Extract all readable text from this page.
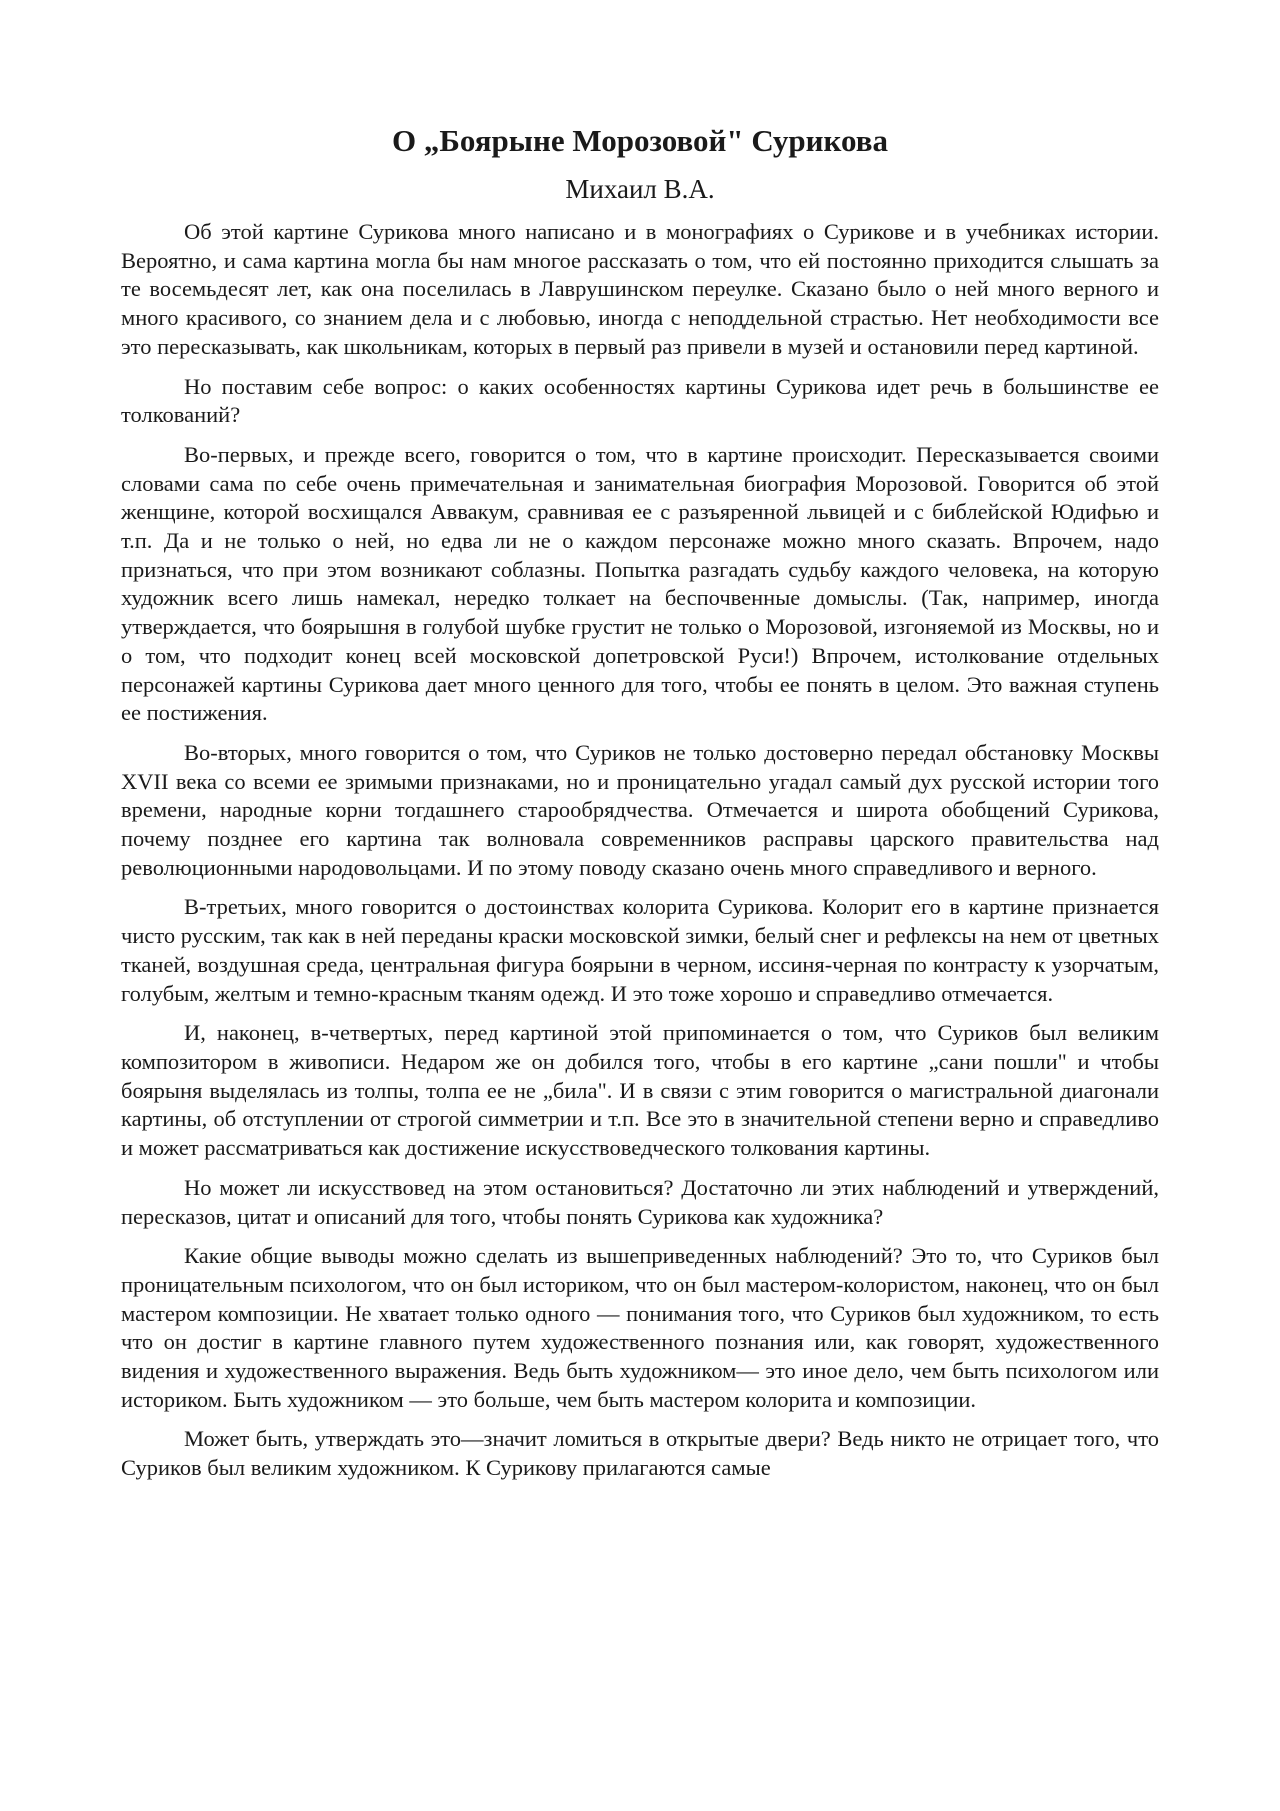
О „Боярыне Морозовой" Сурикова
Михаил В.А.

Об этой картине Сурикова много написано и в монографиях о Сурикове и в учебниках истории. Вероятно, и сама картина могла бы нам многое рассказать о том, что ей постоянно приходится слышать за те восемьдесят лет, как она поселилась в Лаврушинском переулке. Сказано было о ней много верного и много красивого, со знанием дела и с любовью, иногда с неподдельной страстью. Нет необходимости все это пересказывать, как школьникам, которых в первый раз привели в музей и остановили перед картиной.

Но поставим себе вопрос: о каких особенностях картины Сурикова идет речь в большинстве ее толкований?

Во-первых, и прежде всего, говорится о том, что в картине происходит. Пересказывается своими словами сама по себе очень примечательная и занимательная биография Морозовой. Говорится об этой женщине, которой восхищался Аввакум, сравнивая ее с разъяренной львицей и с библейской Юдифью и т.п. Да и не только о ней, но едва ли не о каждом персонаже можно много сказать. Впрочем, надо признаться, что при этом возникают соблазны. Попытка разгадать судьбу каждого человека, на которую художник всего лишь намекал, нередко толкает на беспочвенные домыслы. (Так, например, иногда утверждается, что боярышня в голубой шубке грустит не только о Морозовой, изгоняемой из Москвы, но и о том, что подходит конец всей московской допетровской Руси!) Впрочем, истолкование отдельных персонажей картины Сурикова дает много ценного для того, чтобы ее понять в целом. Это важная ступень ее постижения.

Во-вторых, много говорится о том, что Суриков не только достоверно передал обстановку Москвы XVII века со всеми ее зримыми признаками, но и проницательно угадал самый дух русской истории того времени, народные корни тогдашнего старообрядчества. Отмечается и широта обобщений Сурикова, почему позднее его картина так волновала современников расправы царского правительства над революционными народовольцами. И по этому поводу сказано очень много справедливого и верного.

В-третьих, много говорится о достоинствах колорита Сурикова. Колорит его в картине признается чисто русским, так как в ней переданы краски московской зимки, белый снег и рефлексы на нем от цветных тканей, воздушная среда, центральная фигура боярыни в черном, иссиня-черная по контрасту к узорчатым, голубым, желтым и темно-красным тканям одежд. И это тоже хорошо и справедливо отмечается.

И, наконец, в-четвертых, перед картиной этой припоминается о том, что Суриков был великим композитором в живописи. Недаром же он добился того, чтобы в его картине „сани пошли" и чтобы боярыня выделялась из толпы, толпа ее не „била". И в связи с этим говорится о магистральной диагонали картины, об отступлении от строгой симметрии и т.п. Все это в значительной степени верно и справедливо и может рассматриваться как достижение искусствоведческого толкования картины.

Но может ли искусствовед на этом остановиться? Достаточно ли этих наблюдений и утверждений, пересказов, цитат и описаний для того, чтобы понять Сурикова как художника?

Какие общие выводы можно сделать из вышеприведенных наблюдений? Это то, что Суриков был проницательным психологом, что он был историком, что он был мастером-колористом, наконец, что он был мастером композиции. Не хватает только одного — понимания того, что Суриков был художником, то есть что он достиг в картине главного путем художественного познания или, как говорят, художественного видения и художественного выражения. Ведь быть художником— это иное дело, чем быть психологом или историком. Быть художником — это больше, чем быть мастером колорита и композиции.

Может быть, утверждать это—значит ломиться в открытые двери? Ведь никто не отрицает того, что Суриков был великим художником. К Сурикову прилагаются самые
